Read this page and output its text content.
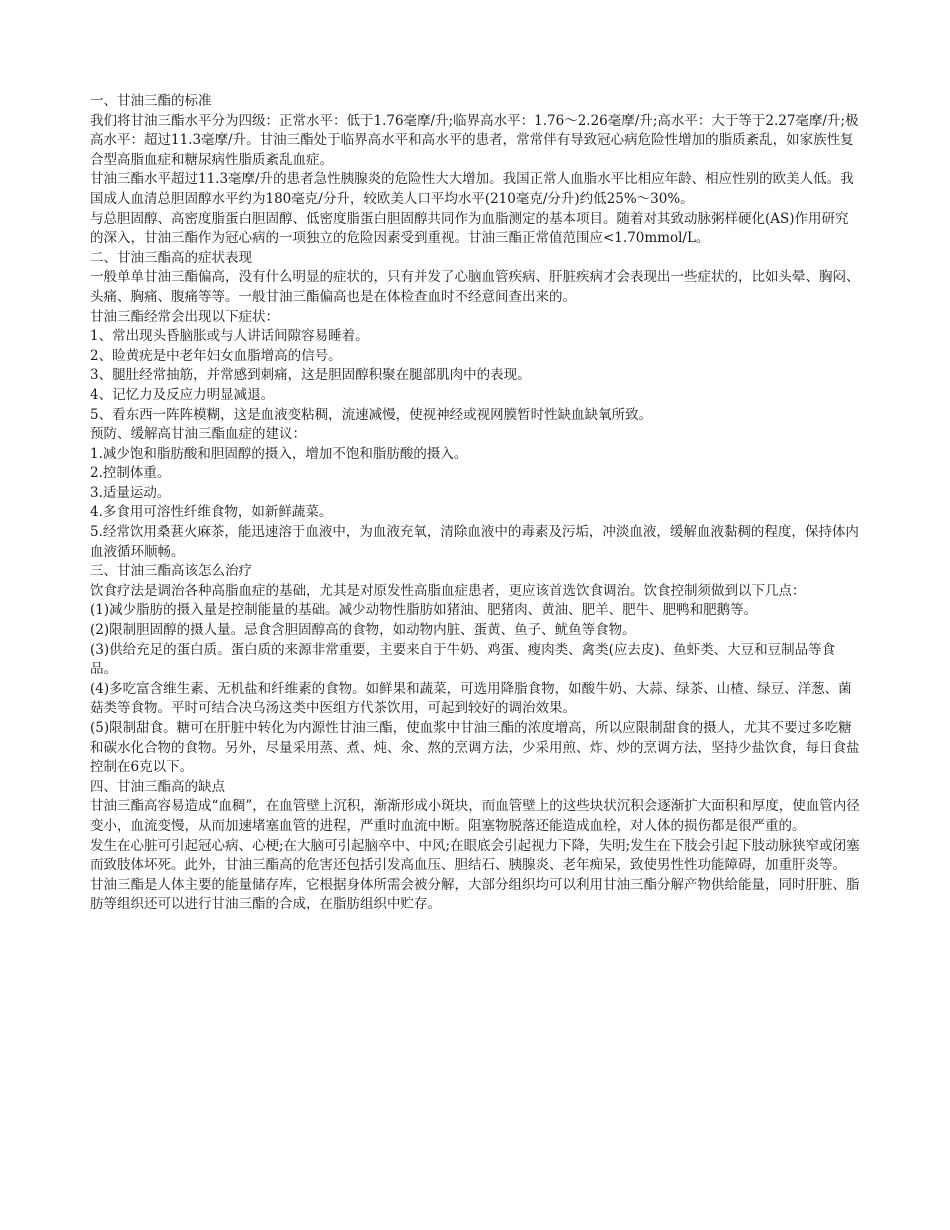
一、甘油三酯的标准

我们将甘油三酯水平分为四级：正常水平：低于1.76毫摩/升;临界高水平：1.76～2.26毫摩/升;高水平：大于等于2.27毫摩/升;极高水平：超过11.3毫摩/升。甘油三酯处于临界高水平和高水平的患者，常常伴有导致冠心病危险性增加的脂质紊乱，如家族性复合型高脂血症和糖尿病性脂质紊乱血症。

甘油三酯水平超过11.3毫摩/升的患者急性胰腺炎的危险性大大增加。我国正常人血脂水平比相应年龄、相应性别的欧美人低。我国成人血清总胆固醇水平约为180毫克/分升，较欧美人口平均水平(210毫克/分升)约低25%～30%。

与总胆固醇、高密度脂蛋白胆固醇、低密度脂蛋白胆固醇共同作为血脂测定的基本项目。随着对其致动脉粥样硬化(AS)作用研究的深入，甘油三酯作为冠心病的一项独立的危险因素受到重视。甘油三酯正常值范围应<1.70mmol/L。

二、甘油三酯高的症状表现

一般单单甘油三酯偏高，没有什么明显的症状的，只有并发了心脑血管疾病、肝脏疾病才会表现出一些症状的，比如头晕、胸闷、头痛、胸痛、腹痛等等。一般甘油三酯偏高也是在体检查血时不经意间查出来的。

甘油三酯经常会出现以下症状：

1、常出现头昏脑胀或与人讲话间隙容易睡着。

2、睑黄疣是中老年妇女血脂增高的信号。

3、腿肚经常抽筋，并常感到刺痛，这是胆固醇积聚在腿部肌肉中的表现。

4、记忆力及反应力明显减退。

5、看东西一阵阵模糊，这是血液变粘稠，流速减慢，使视神经或视网膜暂时性缺血缺氧所致。

预防、缓解高甘油三酯血症的建议：

1.减少饱和脂肪酸和胆固醇的摄入，增加不饱和脂肪酸的摄入。

2.控制体重。

3.适量运动。

4.多食用可溶性纤维食物，如新鲜蔬菜。

5.经常饮用桑葚火麻茶，能迅速溶于血液中，为血液充氧，清除血液中的毒素及污垢，冲淡血液，缓解血液黏稠的程度，保持体内血液循环顺畅。

三、甘油三酯高该怎么治疗

饮食疗法是调治各种高脂血症的基础，尤其是对原发性高脂血症患者，更应该首选饮食调治。饮食控制须做到以下几点：

(1)减少脂肪的摄入量是控制能量的基础。减少动物性脂肪如猪油、肥猪肉、黄油、肥羊、肥牛、肥鸭和肥鹅等。

(2)限制胆固醇的摄人量。忌食含胆固醇高的食物，如动物内脏、蛋黄、鱼子、鱿鱼等食物。

(3)供给充足的蛋白质。蛋白质的来源非常重要，主要来自于牛奶、鸡蛋、瘦肉类、禽类(应去皮)、鱼虾类、大豆和豆制品等食品。

(4)多吃富含维生素、无机盐和纤维素的食物。如鲜果和蔬菜，可选用降脂食物，如酸牛奶、大蒜、绿茶、山楂、绿豆、洋葱、菌菇类等食物。平时可结合决乌汤这类中医组方代茶饮用，可起到较好的调治效果。

(5)限制甜食。糖可在肝脏中转化为内源性甘油三酯，使血浆中甘油三酯的浓度增高，所以应限制甜食的摄人，尤其不要过多吃糖和碳水化合物的食物。另外，尽量采用蒸、煮、炖、氽、熬的烹调方法，少采用煎、炸、炒的烹调方法，坚持少盐饮食，每日食盐控制在6克以下。

四、甘油三酯高的缺点

甘油三酯高容易造成“血稠”，在血管壁上沉积，渐渐形成小斑块，而血管壁上的这些块状沉积会逐渐扩大面积和厚度，使血管内径变小，血流变慢，从而加速堵塞血管的进程，严重时血流中断。阻塞物脱落还能造成血栓，对人体的损伤都是很严重的。

发生在心脏可引起冠心病、心梗;在大脑可引起脑卒中、中风;在眼底会引起视力下降，失明;发生在下肢会引起下肢动脉狭窄或闭塞而致肢体坏死。此外，甘油三酯高的危害还包括引发高血压、胆结石、胰腺炎、老年痴呆，致使男性性功能障碍，加重肝炎等。

甘油三酯是人体主要的能量储存库，它根据身体所需会被分解，大部分组织均可以利用甘油三酯分解产物供给能量，同时肝脏、脂肪等组织还可以进行甘油三酯的合成，在脂肪组织中贮存。
